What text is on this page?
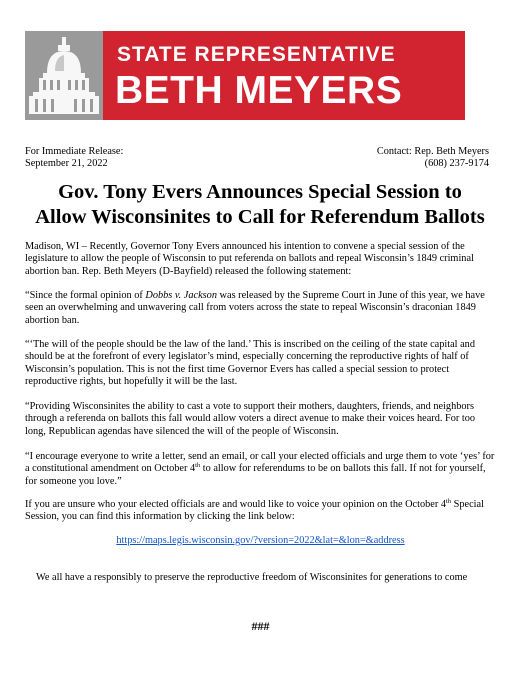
STATE REPRESENTATIVE
BETH MEYERS
For Immediate Release:
September 21, 2022
Contact: Rep. Beth Meyers
(608) 237-9174
Gov. Tony Evers Announces Special Session to
Allow Wisconsinites to Call for Referendum Ballots

Madison, WI – Recently, Governor Tony Evers announced his intention to convene a special session of the legislature to allow the people of Wisconsin to put referenda on ballots and repeal Wisconsin’s 1849 criminal abortion ban. Rep. Beth Meyers (D-Bayfield) released the following statement:

“Since the formal opinion of Dobbs v. Jackson was released by the Supreme Court in June of this year, we have seen an overwhelming and unwavering call from voters across the state to repeal Wisconsin’s draconian 1849 abortion ban.

“‘The will of the people should be the law of the land.’ This is inscribed on the ceiling of the state capital and should be at the forefront of every legislator’s mind, especially concerning the reproductive rights of half of Wisconsin’s population. This is not the first time Governor Evers has called a special session to protect reproductive rights, but hopefully it will be the last.

“Providing Wisconsinites the ability to cast a vote to support their mothers, daughters, friends, and neighbors through a referenda on ballots this fall would allow voters a direct avenue to make their voices heard. For too long, Republican agendas have silenced the will of the people of Wisconsin.

“I encourage everyone to write a letter, send an email, or call your elected officials and urge them to vote ‘yes’ for a constitutional amendment on October 4th to allow for referendums to be on ballots this fall. If not for yourself, for someone you love.”

If you are unsure who your elected officials are and would like to voice your opinion on the October 4th Special Session, you can find this information by clicking the link below:

https://maps.legis.wisconsin.gov/?version=2022&lat=&lon=&address
We all have a responsibly to preserve the reproductive freedom of Wisconsinites for generations to come
###
